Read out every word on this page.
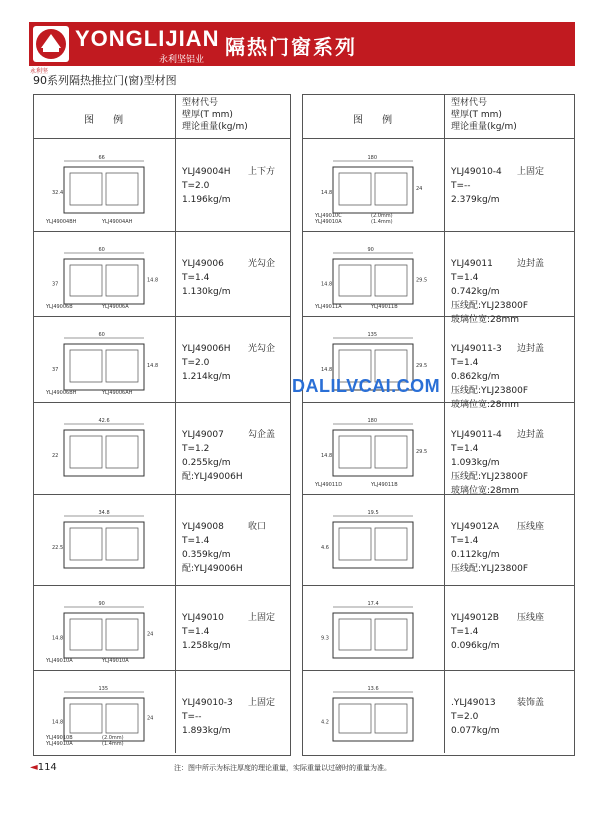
YONGLIJIAN
永利坚铝业
隔热门窗系列
永利坚
90系列隔热推拉门(窗)型材图
图 例
型材代号
壁厚(T mm)
理论重量(kg/m)
66
32.4
YLJ49004BH	YLJ49004AH
YLJ49004H 上下方
T=2.0
1.196kg/m
60
37
14.8
YLJ49006B	YLJ49006A
YLJ49006	光勾企
T=1.4
1.130kg/m
60
37
14.8
YLJ49006BH	YLJ49006AH
YLJ49006H 光勾企
T=2.0
1.214kg/m
42.6
22
YLJ49007	勾企盖
T=1.2
0.255kg/m
配:YLJ49006H
34.8
22.5
YLJ49008	收口
T=1.4
0.359kg/m
配:YLJ49006H
90
14.8
24
YLJ49010A	YLJ49010A
YLJ49010	上固定
T=1.4
1.258kg/m
135
14.8
24
YLJ49010B	(2.0mm)
YLJ49010A	(1.4mm)
YLJ49010-3 上固定
T=--
1.893kg/m
图 例
型材代号
壁厚(T mm)
理论重量(kg/m)
180
14.8
24
YLJ49010C	(2.0mm)
YLJ49010A	(1.4mm)
YLJ49010-4 上固定
T=--
2.379kg/m
90
14.8
29.5
YLJ49011A	YLJ49011B
YLJ49011	边封盖
T=1.4
0.742kg/m
压线配:YLJ23800F
玻璃位宽:28mm
135
14.8
29.5
YLJ49011-3 边封盖
T=1.4
0.862kg/m
压线配:YLJ23800F
玻璃位宽:28mm
180
14.8
29.5
YLJ49011D	YLJ49011B
YLJ49011-4 边封盖
T=1.4
1.093kg/m
压线配:YLJ23800F
玻璃位宽:28mm
19.5
4.6
YLJ49012A 压线座
T=1.4
0.112kg/m
压线配:YLJ23800F
17.4
9.3
YLJ49012B 压线座
T=1.4
0.096kg/m
13.6
4.2
.YLJ49013 装饰盖
T=2.0
0.077kg/m
DALILVCAI.COM
◄114	注：图中所示为标注厚度的理论重量，实际重量以过磅时的重量为准。
